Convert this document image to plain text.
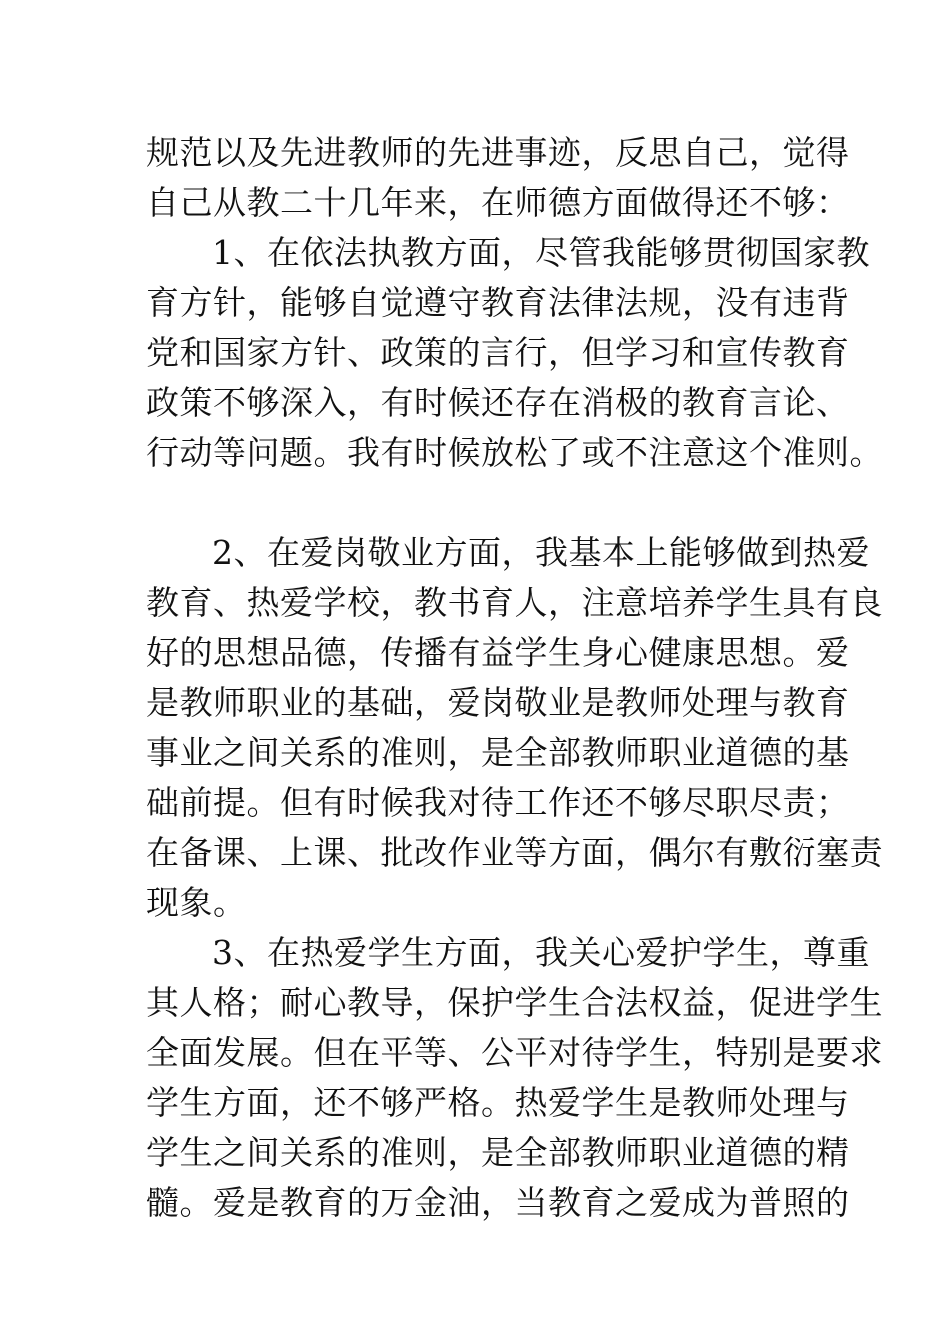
规范以及先进教师的先进事迹，反思自己，觉得
自己从教二十几年来，在师德方面做得还不够：
1、在依法执教方面，尽管我能够贯彻国家教
育方针，能够自觉遵守教育法律法规，没有违背
党和国家方针、政策的言行，但学习和宣传教育
政策不够深入，有时候还存在消极的教育言论、
行动等问题。我有时候放松了或不注意这个准则。
2、在爱岗敬业方面，我基本上能够做到热爱
教育、热爱学校，教书育人，注意培养学生具有良
好的思想品德，传播有益学生身心健康思想。爱
是教师职业的基础，爱岗敬业是教师处理与教育
事业之间关系的准则，是全部教师职业道德的基
础前提。但有时候我对待工作还不够尽职尽责；
在备课、上课、批改作业等方面，偶尔有敷衍塞责
现象。
3、在热爱学生方面，我关心爱护学生，尊重
其人格；耐心教导，保护学生合法权益，促进学生
全面发展。但在平等、公平对待学生，特别是要求
学生方面，还不够严格。热爱学生是教师处理与
学生之间关系的准则，是全部教师职业道德的精
髓。爱是教育的万金油，当教育之爱成为普照的
